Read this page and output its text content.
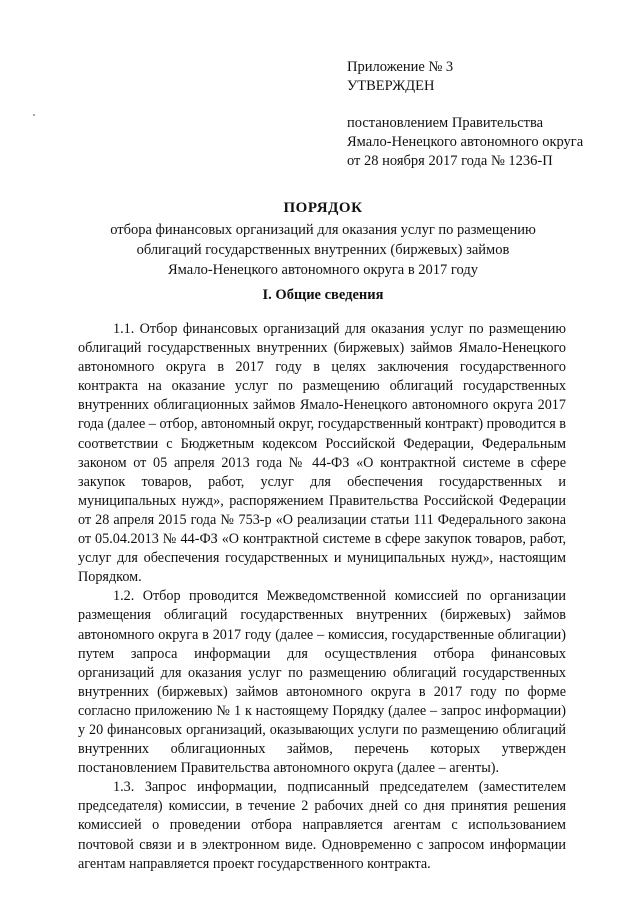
Приложение № 3
УТВЕРЖДЕН
постановлением Правительства
Ямало-Ненецкого автономного округа
от 28 ноября 2017 года № 1236-П
ПОРЯДОК
отбора финансовых организаций для оказания услуг по размещению
облигаций государственных внутренних (биржевых) займов
Ямало-Ненецкого автономного округа в 2017 году
I. Общие сведения

1.1. Отбор финансовых организаций для оказания услуг по размещению облигаций государственных внутренних (биржевых) займов Ямало-Ненецкого автономного округа в 2017 году в целях заключения государственного контракта на оказание услуг по размещению облигаций государственных внутренних облигационных займов Ямало-Ненецкого автономного округа 2017 года (далее – отбор, автономный округ, государственный контракт) проводится в соответствии с Бюджетным кодексом Российской Федерации, Федеральным законом от 05 апреля 2013 года № 44-ФЗ «О контрактной системе в сфере закупок товаров, работ, услуг для обеспечения государственных и муниципальных нужд», распоряжением Правительства Российской Федерации от 28 апреля 2015 года № 753-р «О реализации статьи 111 Федерального закона от 05.04.2013 № 44-ФЗ «О контрактной системе в сфере закупок товаров, работ, услуг для обеспечения государственных и муниципальных нужд», настоящим Порядком.

1.2. Отбор проводится Межведомственной комиссией по организации размещения облигаций государственных внутренних (биржевых) займов автономного округа в 2017 году (далее – комиссия, государственные облигации) путем запроса информации для осуществления отбора финансовых организаций для оказания услуг по размещению облигаций государственных внутренних (биржевых) займов автономного округа в 2017 году по форме согласно приложению № 1 к настоящему Порядку (далее – запрос информации) у 20 финансовых организаций, оказывающих услуги по размещению облигаций внутренних облигационных займов, перечень которых утвержден постановлением Правительства автономного округа (далее – агенты).

1.3. Запрос информации, подписанный председателем (заместителем председателя) комиссии, в течение 2 рабочих дней со дня принятия решения комиссией о проведении отбора направляется агентам с использованием почтовой связи и в электронном виде. Одновременно с запросом информации агентам направляется проект государственного контракта.
